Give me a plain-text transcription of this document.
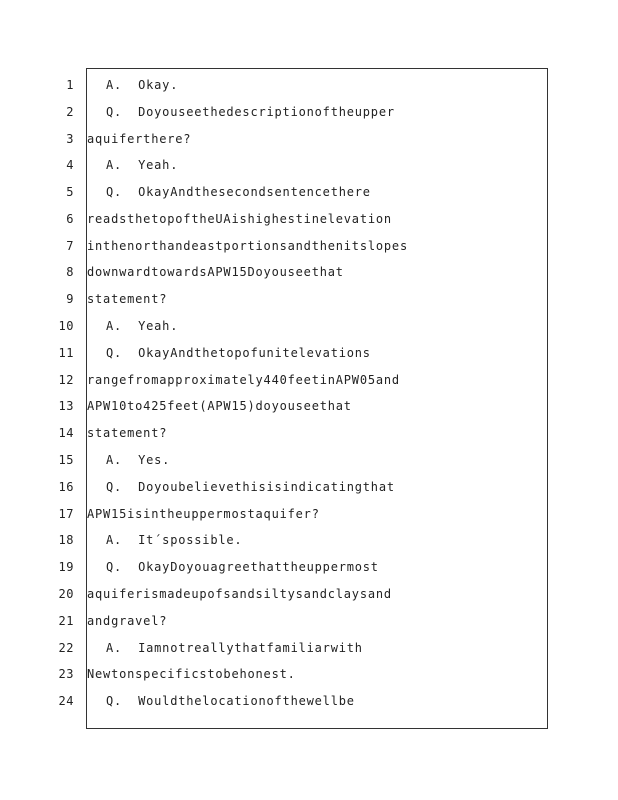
1
2
3
4
5
6
7
8
9
10
11
12
13
14
15
16
17
18
19
20
21
22
23
24
A.  Okay.
Q.  Doyouseethedescriptionoftheupper
aquiferthere?
A.  Yeah.
Q.  OkayAndthesecondsentencethere
readsthetopoftheUAishighestinelevation
inthenorthandeastportionsandthenitslopes
downwardtowardsAPW15Doyouseethat
statement?
A.  Yeah.
Q.  OkayAndthetopofunitelevations
rangefromapproximately440feetinAPW05and
APW10to425feet(APW15)doyouseethat
statement?
A.  Yes.
Q.  Doyoubelievethisisindicatingthat
APW15isintheuppermostaquifer?
A.  It´spossible.
Q.  OkayDoyouagreethattheuppermost
aquiferismadeupofsandsiltysandclaysand
andgravel?
A.  Iamnotreallythatfamiliarwith
Newtonspecificstobehonest.
Q.  Wouldthelocationofthewellbe
